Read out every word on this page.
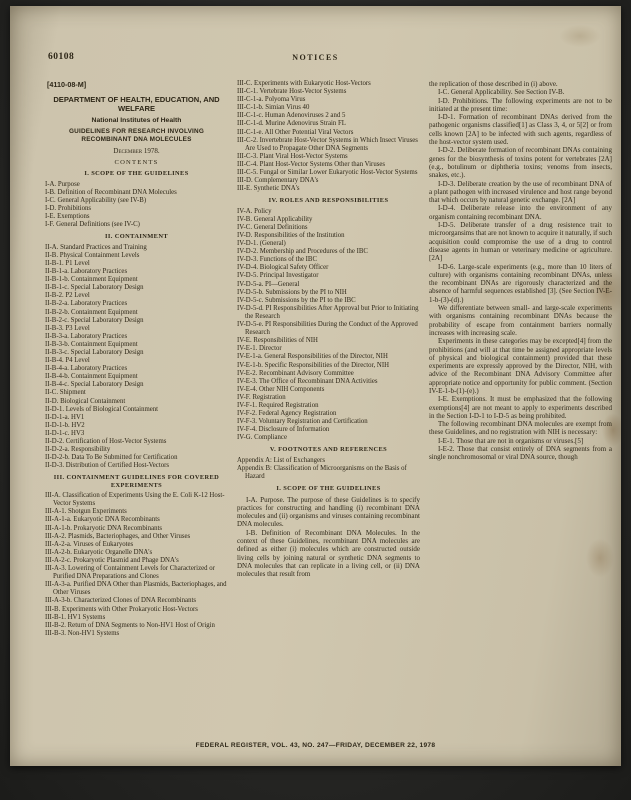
60108	NOTICES
[4110-08-M]
DEPARTMENT OF HEALTH, EDUCATION, AND WELFARE
National Institutes of Health
GUIDELINES FOR RESEARCH INVOLVING RECOMBINANT DNA MOLECULES
December 1978.
CONTENTS
I. SCOPE OF THE GUIDELINES
I-A. Purpose
I-B. Definition of Recombinant DNA Molecules
I-C. General Applicability (see IV-B)
I-D. Prohibitions
I-E. Exemptions
I-F. General Definitions (see IV-C)
II. CONTAINMENT
II-A. Standard Practices and Training
II-B. Physical Containment Levels
II-B-1. P1 Level
II-B-1-a. Laboratory Practices
II-B-1-b. Containment Equipment
II-B-1-c. Special Laboratory Design
II-B-2. P2 Level
II-B-2-a. Laboratory Practices
II-B-2-b. Containment Equipment
II-B-2-c. Special Laboratory Design
II-B-3. P3 Level
II-B-3-a. Laboratory Practices
II-B-3-b. Containment Equipment
II-B-3-c. Special Laboratory Design
II-B-4. P4 Level
II-B-4-a. Laboratory Practices
II-B-4-b. Containment Equipment
II-B-4-c. Special Laboratory Design
II-C. Shipment
II-D. Biological Containment
II-D-1. Levels of Biological Containment
II-D-1-a. HV1
II-D-1-b. HV2
II-D-1-c. HV3
II-D-2. Certification of Host-Vector Systems
II-D-2-a. Responsibility
II-D-2-b. Data To Be Submitted for Certification
II-D-3. Distribution of Certified Host-Vectors
III. CONTAINMENT GUIDELINES FOR COVERED EXPERIMENTS
III-A. Classification of Experiments Using the E. Coli K-12 Host-Vector Systems
III-A-1. Shotgun Experiments
III-A-1-a. Eukaryotic DNA Recombinants
III-A-1-b. Prokaryotic DNA Recombinants
III-A-2. Plasmids, Bacteriophages, and Other Viruses
III-A-2-a. Viruses of Eukaryotes
III-A-2-b. Eukaryotic Organelle DNA's
III-A-2-c. Prokaryotic Plasmid and Phage DNA's
III-A-3. Lowering of Containment Levels for Characterized or Purified DNA Preparations and Clones
III-A-3-a. Purified DNA Other than Plasmids, Bacteriophages, and Other Viruses
III-A-3-b. Characterized Clones of DNA Recombinants
III-B. Experiments with Other Prokaryotic Host-Vectors
III-B-1. HV1 Systems
III-B-2. Return of DNA Segments to Non-HV1 Host of Origin
III-B-3. Non-HV1 Systems
III-C. Experiments with Eukaryotic Host-Vectors
III-C-1. Vertebrate Host-Vector Systems
III-C-1-a. Polyoma Virus
III-C-1-b. Simian Virus 40
III-C-1-c. Human Adenoviruses 2 and 5
III-C-1-d. Murine Adenovirus Strain FL
III-C-1-e. All Other Potential Viral Vectors
III-C-2. Invertebrate Host-Vector Systems in Which Insect Viruses Are Used to Propagate Other DNA Segments
III-C-3. Plant Viral Host-Vector Systems
III-C-4. Plant Host-Vector Systems Other than Viruses
III-C-5. Fungal or Similar Lower Eukaryotic Host-Vector Systems
III-D. Complementary DNA's
III-E. Synthetic DNA's
IV. ROLES AND RESPONSIBILITIES
IV-A. Policy
IV-B. General Applicability
IV-C. General Definitions
IV-D. Responsibilities of the Institution
IV-D-1. (General)
IV-D-2. Membership and Procedures of the IBC
IV-D-3. Functions of the IBC
IV-D-4. Biological Safety Officer
IV-D-5. Principal Investigator
IV-D-5-a. PI—General
IV-D-5-b. Submissions by the PI to NIH
IV-D-5-c. Submissions by the PI to the IBC
IV-D-5-d. PI Responsibilities After Approval but Prior to Initiating the Research
IV-D-5-e. PI Responsibilities During the Conduct of the Approved Research
IV-E. Responsibilities of NIH
IV-E-1. Director
IV-E-1-a. General Responsibilities of the Director, NIH
IV-E-1-b. Specific Responsibilities of the Director, NIH
IV-E-2. Recombinant Advisory Committee
IV-E-3. The Office of Recombinant DNA Activities
IV-E-4. Other NIH Components
IV-F. Registration
IV-F-1. Required Registration
IV-F-2. Federal Agency Registration
IV-F-3. Voluntary Registration and Certification
IV-F-4. Disclosure of Information
IV-G. Compliance
V. FOOTNOTES AND REFERENCES
Appendix A: List of Exchangers
Appendix B: Classification of Microorganisms on the Basis of Hazard
I. SCOPE OF THE GUIDELINES
I-A. Purpose. The purpose of these Guidelines is to specify practices for constructing and handling (i) recombinant DNA molecules and (ii) organisms and viruses containing recombinant DNA molecules.
I-B. Definition of Recombinant DNA Molecules. In the context of these Guidelines, recombinant DNA molecules are defined as either (i) molecules which are constructed outside living cells by joining natural or synthetic DNA segments to DNA molecules that can replicate in a living cell, or (ii) DNA molecules that result from
the replication of those described in (i) above.
I-C. General Applicability. See Section IV-B.
I-D. Prohibitions. The following experiments are not to be initiated at the present time:
I-D-1. Formation of recombinant DNAs derived from the pathogenic organisms classified[1] as Class 3, 4, or 5[2] or from cells known [2A] to be infected with such agents, regardless of the host-vector system used.
I-D-2. Deliberate formation of recombinant DNAs containing genes for the biosynthesis of toxins potent for vertebrates [2A] (e.g., botulinum or diphtheria toxins; venoms from insects, snakes, etc.).
I-D-3. Deliberate creation by the use of recombinant DNA of a plant pathogen with increased virulence and host range beyond that which occurs by natural genetic exchange. [2A]
I-D-4. Deliberate release into the environment of any organism containing recombinant DNA.
I-D-5. Deliberate transfer of a drug resistence trait to microorgansims that are not known to acquire it naturally, if such acquisition could compromise the use of a drug to control disease agents in human or veterinary medicine or agriculture. [2A]
I-D-6. Large-scale experiments (e.g., more than 10 liters of culture) with organisms containing recombinant DNAs, unless the recombinant DNAs are rigorously characterized and the absence of harmful sequences established [3]. (See Section IV-E-1-b-(3)-(d).)
We differentiate between small- and large-scale experiments with organisms containing recombinant DNAs because the probability of escape from containment barriers normally increases with increasing scale.
Experiments in these categories may be excepted[4] from the prohibitions (and will at that time be assigned appropriate levels of physical and biological containment) provided that these experiments are expressly approved by the Director, NIH, with advice of the Recombinant DNA Advisory Committee after appropriate notice and opportunity for public comment. (Section IV-E-1-b-(1)-(e).)
I-E. Exemptions. It must be emphasized that the following exemptions[4] are not meant to apply to experiments described in the Section I-D-1 to I-D-5 as being prohibited.
The following recombinant DNA molecules are exempt from these Guidelines, and no registration with NIH is necessary:
I-E-1. Those that are not in organisms or viruses.[5]
I-E-2. Those that consist entirely of DNA segments from a single nonchromosomal or viral DNA source, though
FEDERAL REGISTER, VOL. 43, NO. 247—FRIDAY, DECEMBER 22, 1978
